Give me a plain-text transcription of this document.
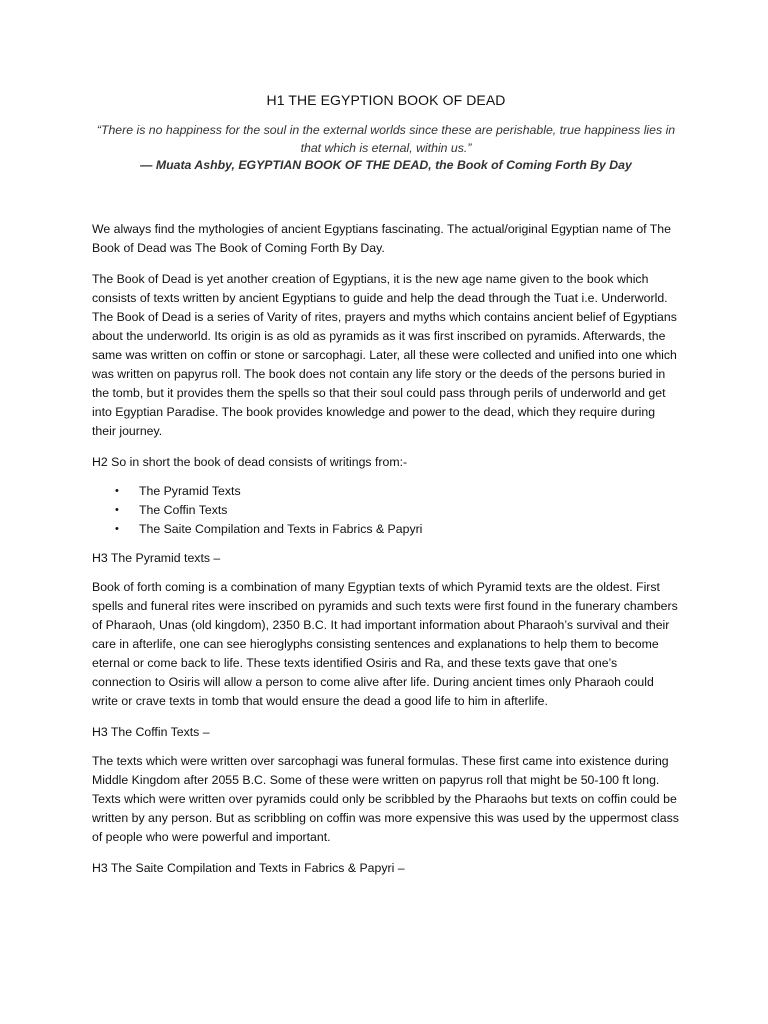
H1 THE EGYPTION BOOK OF DEAD

“There is no happiness for the soul in the external worlds since these are perishable, true happiness lies in that which is eternal, within us.”

― Muata Ashby, EGYPTIAN BOOK OF THE DEAD, the Book of Coming Forth By Day

We always find the mythologies of ancient Egyptians fascinating. The actual/original Egyptian name of The Book of Dead was The Book of Coming Forth By Day.

The Book of Dead is yet another creation of Egyptians, it is the new age name given to the book which consists of texts written by ancient Egyptians to guide and help the dead through the Tuat i.e. Underworld. The Book of Dead is a series of Varity of rites, prayers and myths which contains ancient belief of Egyptians about the underworld. Its origin is as old as pyramids as it was first inscribed on pyramids. Afterwards, the same was written on coffin or stone or sarcophagi. Later, all these were collected and unified into one which was written on papyrus roll. The book does not contain any life story or the deeds of the persons buried in the tomb, but it provides them the spells so that their soul could pass through perils of underworld and get into Egyptian Paradise. The book provides knowledge and power to the dead, which they require during their journey.

H2 So in short the book of dead consists of writings from:-

• The Pyramid Texts
• The Coffin Texts
• The Saite Compilation and Texts in Fabrics & Papyri

H3 The Pyramid texts –

Book of forth coming is a combination of many Egyptian texts of which Pyramid texts are the oldest. First spells and funeral rites were inscribed on pyramids and such texts were first found in the funerary chambers of Pharaoh, Unas (old kingdom), 2350 B.C. It had important information about Pharaoh’s survival and their care in afterlife, one can see hieroglyphs consisting sentences and explanations to help them to become eternal or come back to life. These texts identified Osiris and Ra, and these texts gave that one’s connection to Osiris will allow a person to come alive after life. During ancient times only Pharaoh could write or crave texts in tomb that would ensure the dead a good life to him in afterlife.

H3 The Coffin Texts –

The texts which were written over sarcophagi was funeral formulas. These first came into existence during Middle Kingdom after 2055 B.C. Some of these were written on papyrus roll that might be 50-100 ft long. Texts which were written over pyramids could only be scribbled by the Pharaohs but texts on coffin could be written by any person. But as scribbling on coffin was more expensive this was used by the uppermost class of people who were powerful and important.

H3 The Saite Compilation and Texts in Fabrics & Papyri –
